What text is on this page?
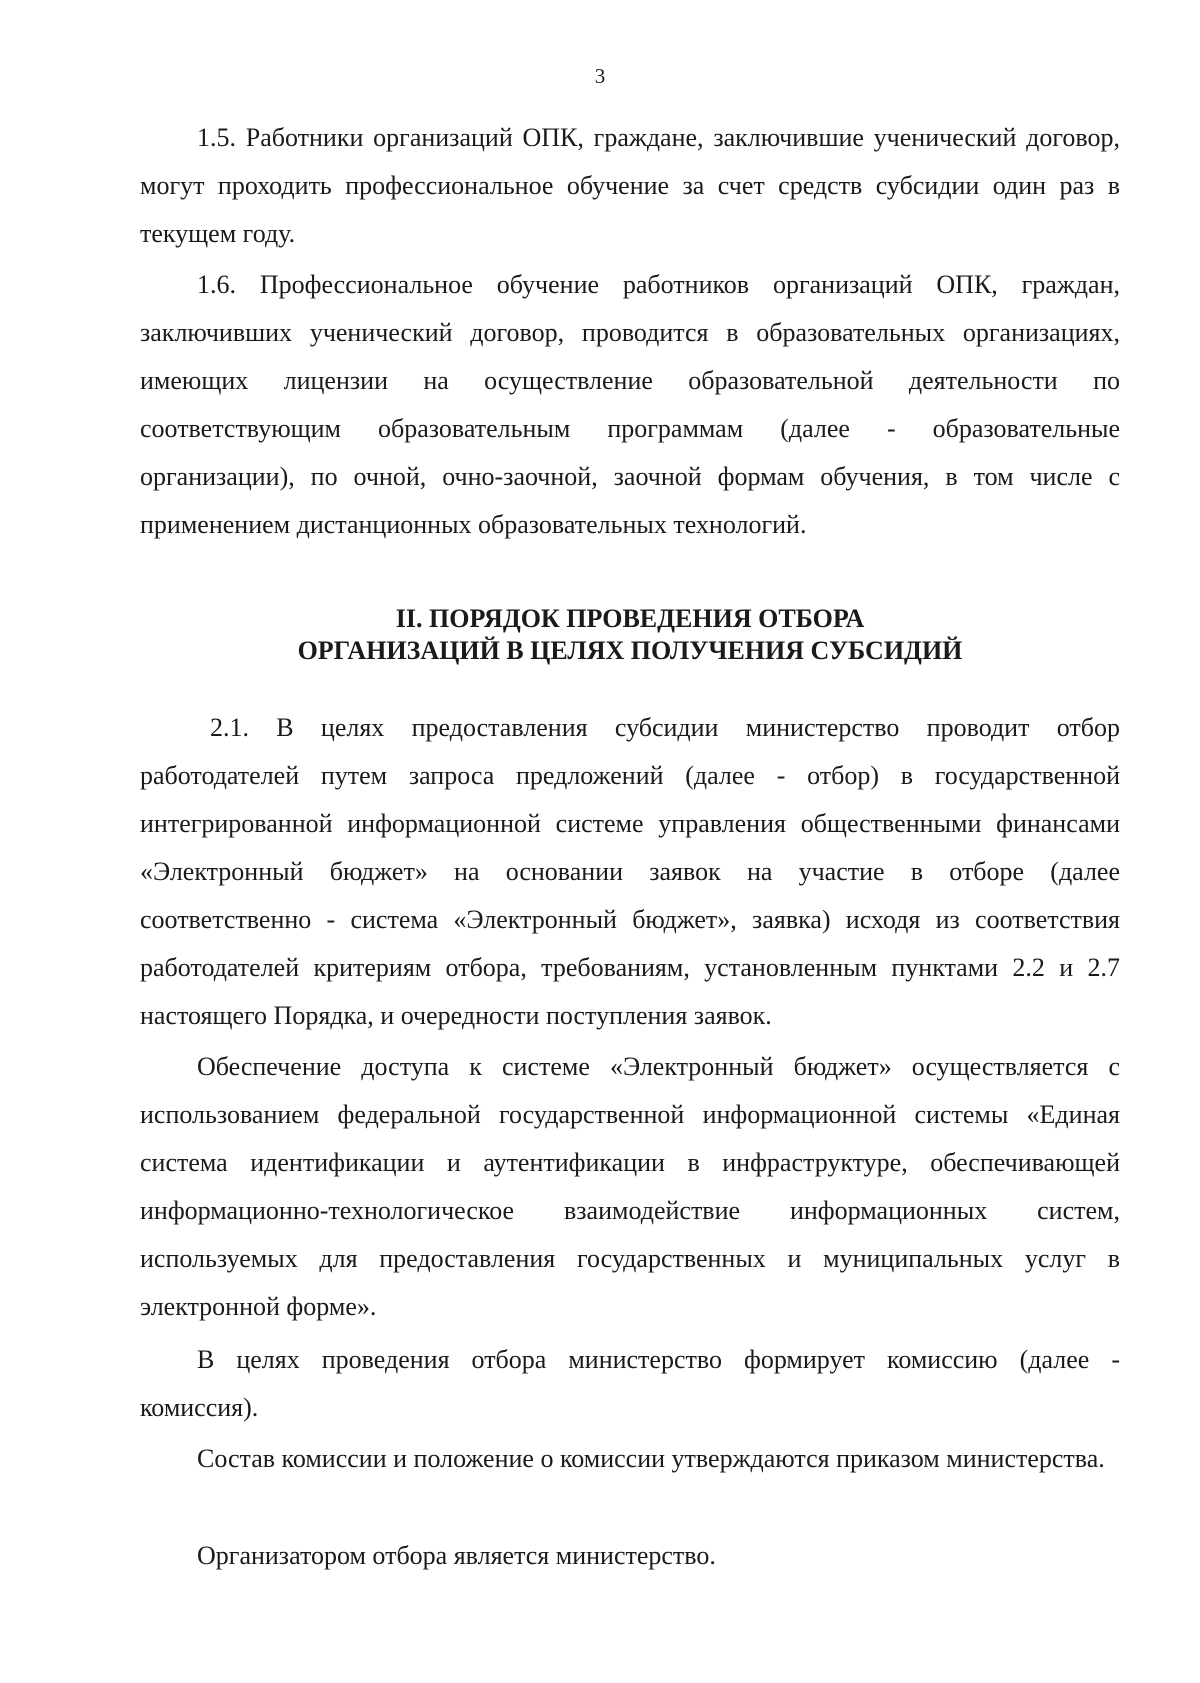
3

1.5. Работники организаций ОПК, граждане, заключившие ученический договор, могут проходить профессиональное обучение за счет средств субсидии один раз в текущем году.

1.6. Профессиональное обучение работников организаций ОПК, граждан, заключивших ученический договор, проводится в образовательных организациях, имеющих лицензии на осуществление образовательной деятельности по соответствующим образовательным программам (далее - образовательные организации), по очной, очно-заочной, заочной формам обучения, в том числе с применением дистанционных образовательных технологий.

II. ПОРЯДОК ПРОВЕДЕНИЯ ОТБОРА
ОРГАНИЗАЦИЙ В ЦЕЛЯХ ПОЛУЧЕНИЯ СУБСИДИЙ

2.1. В целях предоставления субсидии министерство проводит отбор работодателей путем запроса предложений (далее - отбор) в государственной интегрированной информационной системе управления общественными финансами «Электронный бюджет» на основании заявок на участие в отборе (далее соответственно - система «Электронный бюджет», заявка) исходя из соответствия работодателей критериям отбора, требованиям, установленным пунктами 2.2 и 2.7 настоящего Порядка, и очередности поступления заявок.

Обеспечение доступа к системе «Электронный бюджет» осуществляется с использованием федеральной государственной информационной системы «Единая система идентификации и аутентификации в инфраструктуре, обеспечивающей информационно-технологическое взаимодействие информационных систем, используемых для предоставления государственных и муниципальных услуг в электронной форме».

В целях проведения отбора министерство формирует комиссию (далее - комиссия).

Состав комиссии и положение о комиссии утверждаются приказом министерства.

Организатором отбора является министерство.
